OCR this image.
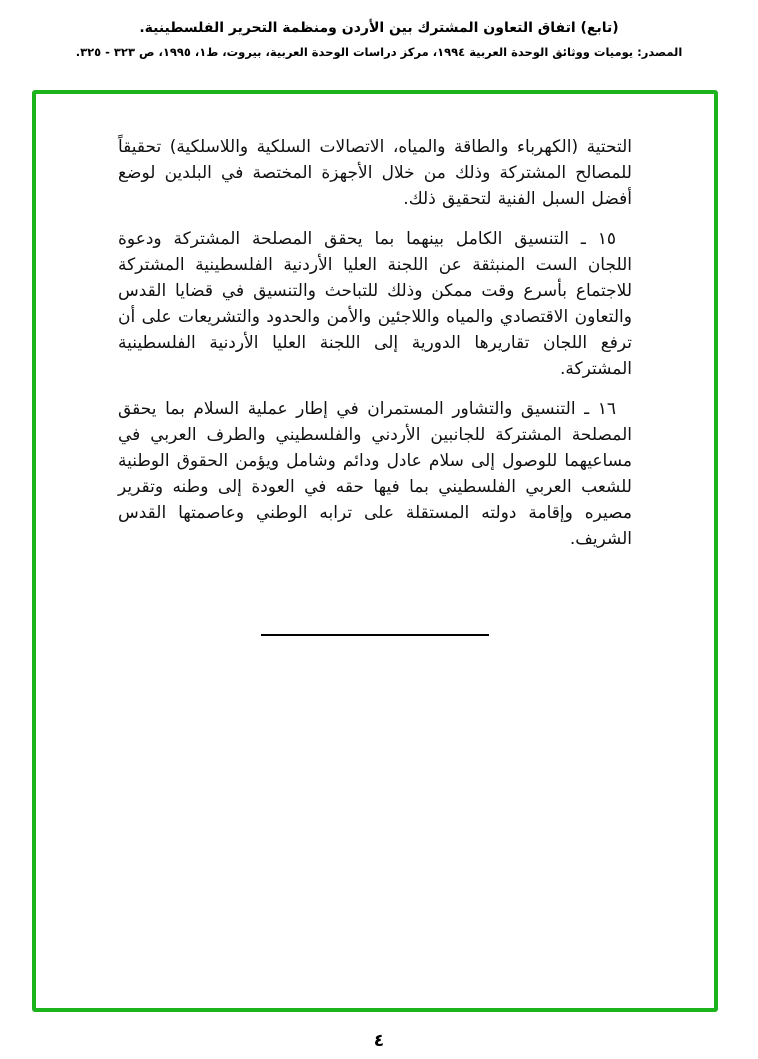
(تابع) اتفاق التعاون المشترك بين الأردن ومنظمة التحرير الفلسطينية.
المصدر: يوميات ووثائق الوحدة العربية ١٩٩٤، مركز دراسات الوحدة العربية، بيروت، ط١، ١٩٩٥، ص ٣٢٣ - ٣٢٥.

التحتية (الكهرباء والطاقة والمياه، الاتصالات السلكية واللاسلكية) تحقيقاً للمصالح المشتركة وذلك من خلال الأجهزة المختصة في البلدين لوضع أفضل السبل الفنية لتحقيق ذلك.

١٥ ـ التنسيق الكامل بينهما بما يحقق المصلحة المشتركة ودعوة اللجان الست المنبثقة عن اللجنة العليا الأردنية الفلسطينية المشتركة للاجتماع بأسرع وقت ممكن وذلك للتباحث والتنسيق في قضايا القدس والتعاون الاقتصادي والمياه واللاجئين والأمن والحدود والتشريعات على أن ترفع اللجان تقاريرها الدورية إلى اللجنة العليا الأردنية الفلسطينية المشتركة.

١٦ ـ التنسيق والتشاور المستمران في إطار عملية السلام بما يحقق المصلحة المشتركة للجانبين الأردني والفلسطيني والطرف العربي في مساعيهما للوصول إلى سلام عادل ودائم وشامل ويؤمن الحقوق الوطنية للشعب العربي الفلسطيني بما فيها حقه في العودة إلى وطنه وتقرير مصيره وإقامة دولته المستقلة على ترابه الوطني وعاصمتها القدس الشريف.

٤
